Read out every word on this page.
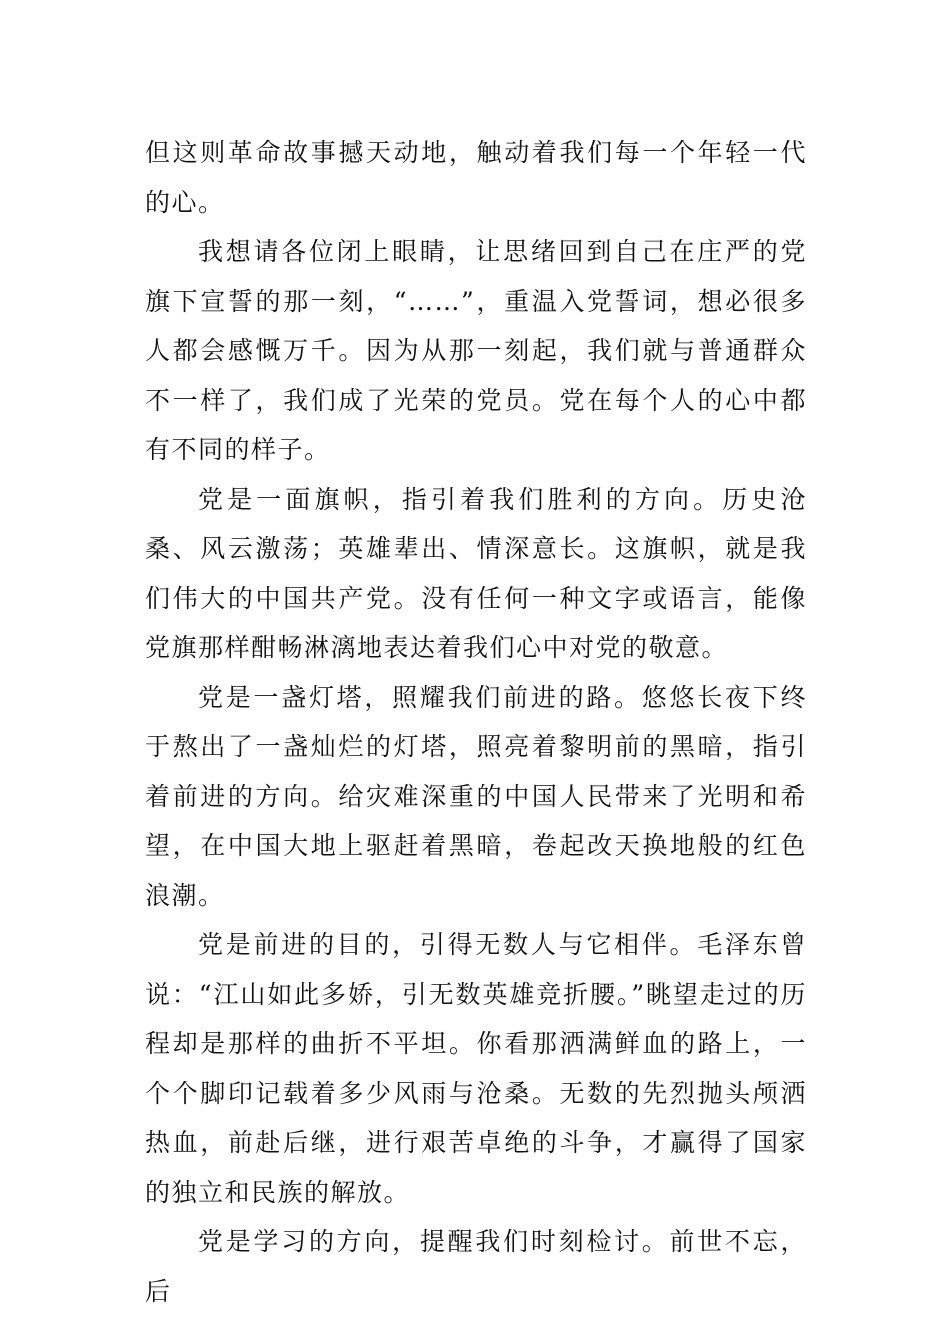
但这则革命故事撼天动地，触动着我们每一个年轻一代的心。

我想请各位闭上眼睛，让思绪回到自己在庄严的党旗下宣誓的那一刻，“……”，重温入党誓词，想必很多人都会感慨万千。因为从那一刻起，我们就与普通群众不一样了，我们成了光荣的党员。党在每个人的心中都有不同的样子。

党是一面旗帜，指引着我们胜利的方向。历史沧桑、风云激荡；英雄辈出、情深意长。这旗帜，就是我们伟大的中国共产党。没有任何一种文字或语言，能像党旗那样酣畅淋漓地表达着我们心中对党的敬意。

党是一盏灯塔，照耀我们前进的路。悠悠长夜下终于熬出了一盏灿烂的灯塔，照亮着黎明前的黑暗，指引着前进的方向。给灾难深重的中国人民带来了光明和希望，在中国大地上驱赶着黑暗，卷起改天换地般的红色浪潮。

党是前进的目的，引得无数人与它相伴。毛泽东曾说：“江山如此多娇，引无数英雄竞折腰。”眺望走过的历程却是那样的曲折不平坦。你看那洒满鲜血的路上，一个个脚印记载着多少风雨与沧桑。无数的先烈抛头颅洒热血，前赴后继，进行艰苦卓绝的斗争，才赢得了国家的独立和民族的解放。

党是学习的方向，提醒我们时刻检讨。前世不忘，后
